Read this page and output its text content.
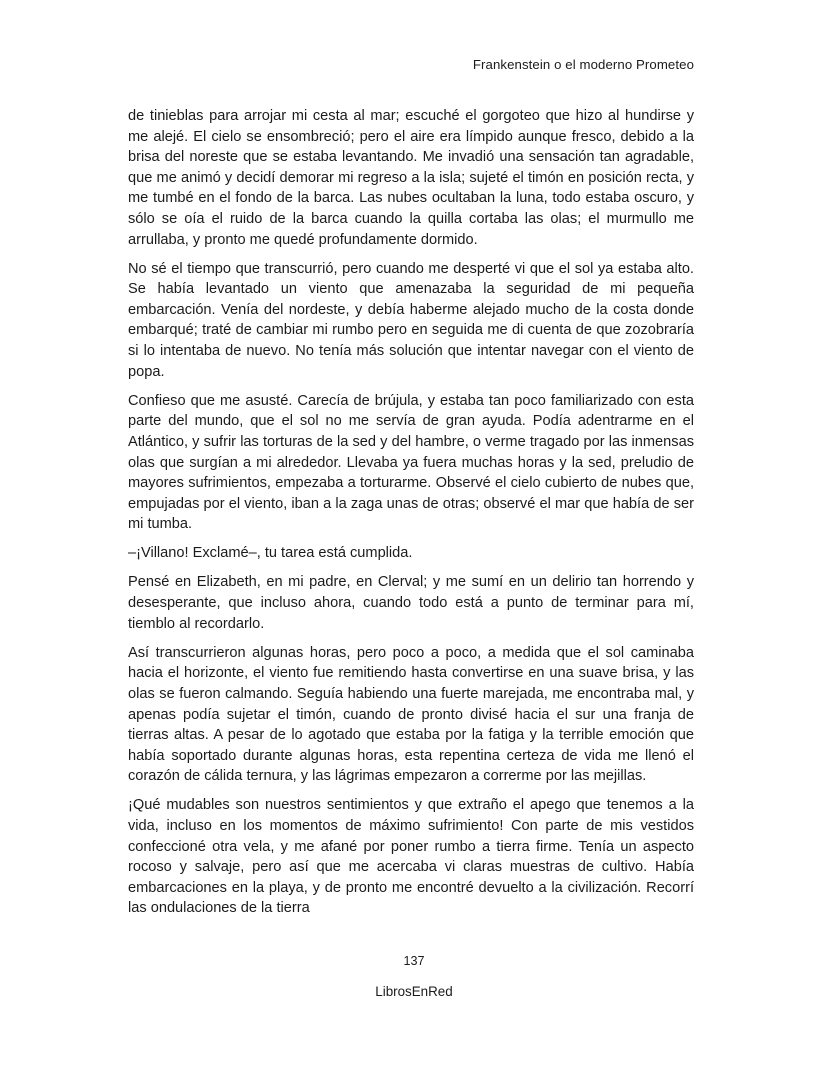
Frankenstein o el moderno Prometeo

de tinieblas para arrojar mi cesta al mar; escuché el gorgoteo que hizo al hundirse y me alejé. El cielo se ensombreció; pero el aire era límpido aunque fresco, debido a la brisa del noreste que se estaba levantando. Me invadió una sensación tan agradable, que me animó y decidí demorar mi regreso a la isla; sujeté el timón en posición recta, y me tumbé en el fondo de la barca. Las nubes ocultaban la luna, todo estaba oscuro, y sólo se oía el ruido de la barca cuando la quilla cortaba las olas; el murmullo me arrullaba, y pronto me quedé profundamente dormido.

No sé el tiempo que transcurrió, pero cuando me desperté vi que el sol ya estaba alto. Se había levantado un viento que amenazaba la seguridad de mi pequeña embarcación. Venía del nordeste, y debía haberme alejado mucho de la costa donde embarqué; traté de cambiar mi rumbo pero en seguida me di cuenta de que zozobraría si lo intentaba de nuevo. No tenía más solución que intentar navegar con el viento de popa.

Confieso que me asusté. Carecía de brújula, y estaba tan poco familiarizado con esta parte del mundo, que el sol no me servía de gran ayuda. Podía adentrarme en el Atlántico, y sufrir las torturas de la sed y del hambre, o verme tragado por las inmensas olas que surgían a mi alrededor. Llevaba ya fuera muchas horas y la sed, preludio de mayores sufrimientos, empezaba a torturarme. Observé el cielo cubierto de nubes que, empujadas por el viento, iban a la zaga unas de otras; observé el mar que había de ser mi tumba.

–¡Villano! Exclamé–, tu tarea está cumplida.

Pensé en Elizabeth, en mi padre, en Clerval; y me sumí en un delirio tan horrendo y desesperante, que incluso ahora, cuando todo está a punto de terminar para mí, tiemblo al recordarlo.

Así transcurrieron algunas horas, pero poco a poco, a medida que el sol caminaba hacia el horizonte, el viento fue remitiendo hasta convertirse en una suave brisa, y las olas se fueron calmando. Seguía habiendo una fuerte marejada, me encontraba mal, y apenas podía sujetar el timón, cuando de pronto divisé hacia el sur una franja de tierras altas. A pesar de lo agotado que estaba por la fatiga y la terrible emoción que había soportado durante algunas horas, esta repentina certeza de vida me llenó el corazón de cálida ternura, y las lágrimas empezaron a correrme por las mejillas.

¡Qué mudables son nuestros sentimientos y que extraño el apego que tenemos a la vida, incluso en los momentos de máximo sufrimiento! Con parte de mis vestidos confeccioné otra vela, y me afané por poner rumbo a tierra firme. Tenía un aspecto rocoso y salvaje, pero así que me acercaba vi claras muestras de cultivo. Había embarcaciones en la playa, y de pronto me encontré devuelto a la civilización. Recorrí las ondulaciones de la tierra

137
LibrosEnRed
